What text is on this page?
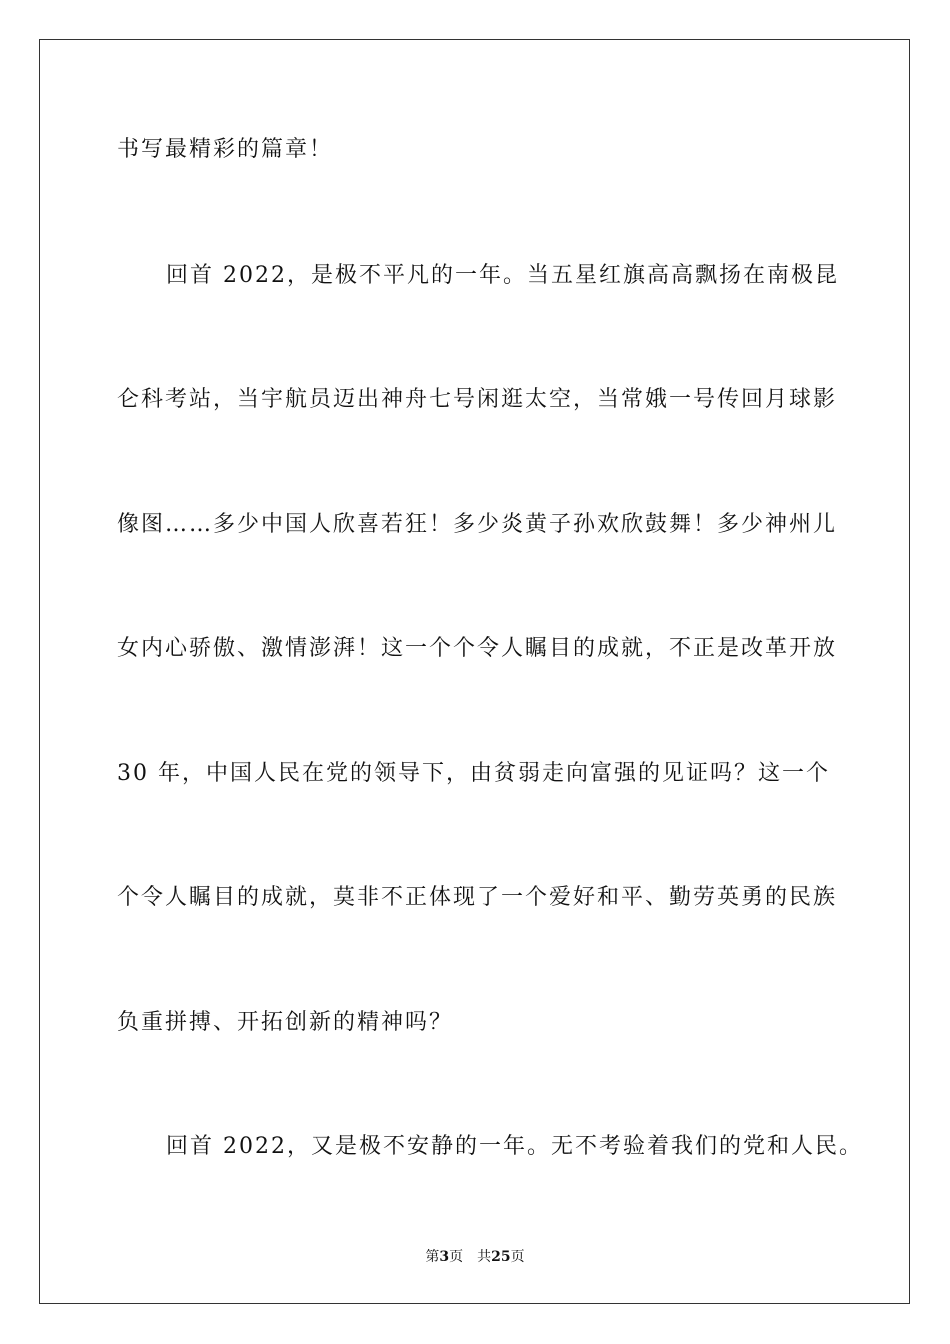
书写最精彩的篇章！
回首 2022，是极不平凡的一年。当五星红旗高高飘扬在南极昆
仑科考站，当宇航员迈出神舟七号闲逛太空，当常娥一号传回月球影
像图……多少中国人欣喜若狂！多少炎黄子孙欢欣鼓舞！多少神州儿
女内心骄傲、激情澎湃！这一个个令人瞩目的成就，不正是改革开放
30 年，中国人民在党的领导下，由贫弱走向富强的见证吗？这一个
个令人瞩目的成就，莫非不正体现了一个爱好和平、勤劳英勇的民族
负重拼搏、开拓创新的精神吗？
回首 2022，又是极不安静的一年。无不考验着我们的党和人民。
第3页 共25页
